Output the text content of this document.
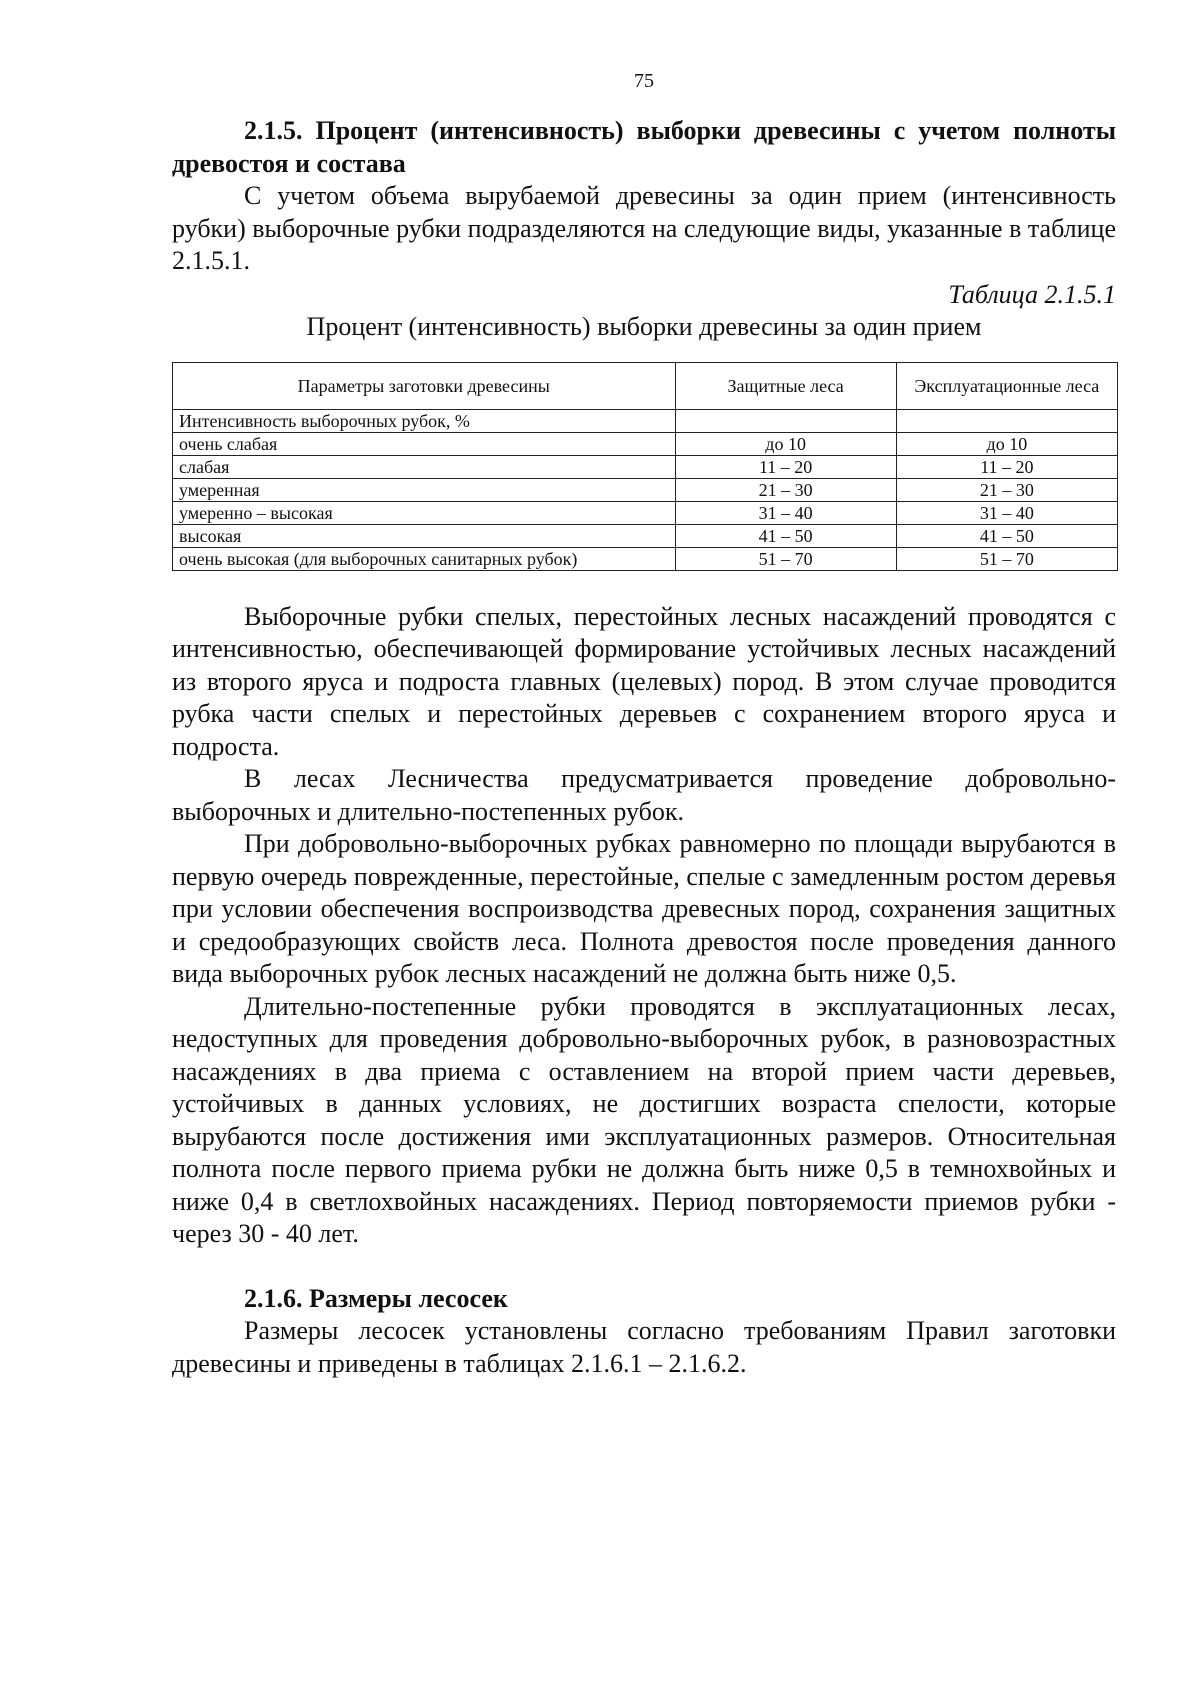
75

2.1.5. Процент (интенсивность) выборки древесины с учетом полноты древостоя и состава

С учетом объема вырубаемой древесины за один прием (интенсивность рубки) выборочные рубки подразделяются на следующие виды, указанные в таблице 2.1.5.1.

Таблица 2.1.5.1

Процент (интенсивность) выборки древесины за один прием

Параметры заготовки древесины	Защитные леса	Эксплуатационные леса
Интенсивность выборочных рубок, %		
очень слабая	до 10	до 10
слабая	11 – 20	11 – 20
умеренная	21 – 30	21 – 30
умеренно – высокая	31 – 40	31 – 40
высокая	41 – 50	41 – 50
очень высокая (для выборочных санитарных рубок)	51 – 70	51 – 70

Выборочные рубки спелых, перестойных лесных насаждений проводятся с интенсивностью, обеспечивающей формирование устойчивых лесных насаждений из второго яруса и подроста главных (целевых) пород. В этом случае проводится рубка части спелых и перестойных деревьев с сохранением второго яруса и подроста.

В лесах Лесничества предусматривается проведение добровольно-выборочных и длительно-постепенных рубок.

При добровольно-выборочных рубках равномерно по площади вырубаются в первую очередь поврежденные, перестойные, спелые с замедленным ростом деревья при условии обеспечения воспроизводства древесных пород, сохранения защитных и средообразующих свойств леса. Полнота древостоя после проведения данного вида выборочных рубок лесных насаждений не должна быть ниже 0,5.

Длительно-постепенные рубки проводятся в эксплуатационных лесах, недоступных для проведения добровольно-выборочных рубок, в разновозрастных насаждениях в два приема с оставлением на второй прием части деревьев, устойчивых в данных условиях, не достигших возраста спелости, которые вырубаются после достижения ими эксплуатационных размеров. Относительная полнота после первого приема рубки не должна быть ниже 0,5 в темнохвойных и ниже 0,4 в светлохвойных насаждениях. Период повторяемости приемов рубки - через 30 - 40 лет.

2.1.6. Размеры лесосек

Размеры лесосек установлены согласно требованиям Правил заготовки древесины и приведены в таблицах 2.1.6.1 – 2.1.6.2.
